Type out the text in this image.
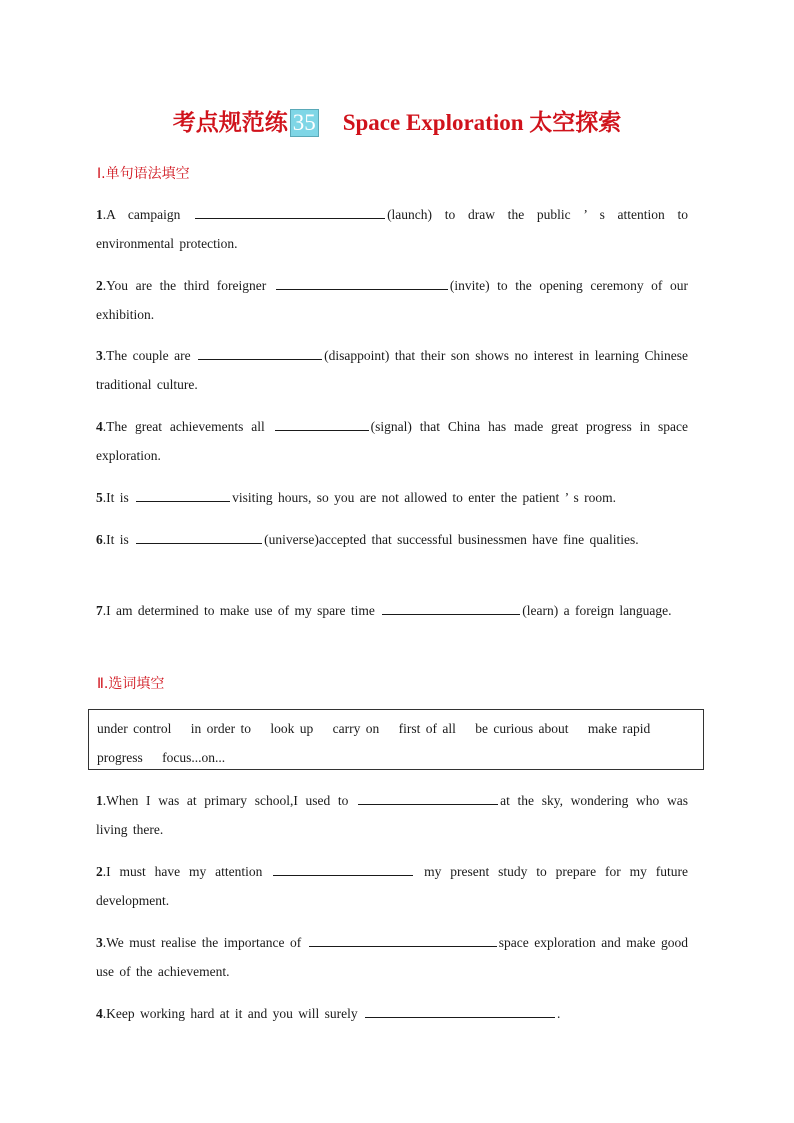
考点规范练 35 Space Exploration 太空探索
Ⅰ.单句语法填空
1.A campaign	(launch) to draw the public ’ s attention to environmental protection.
2.You are the third foreigner	(invite) to the opening ceremony of our exhibition.
3.The couple are	(disappoint) that their son shows no interest in learning Chinese traditional culture.
4.The great achievements all	(signal) that China has made great progress in space exploration.
5.It is	visiting hours, so you are not allowed to enter the patient ’ s room.
6.It is	(universe)accepted that successful businessmen have fine qualities.
7.I am determined to make use of my spare time	(learn) a foreign language.
Ⅱ.选词填空
under control in order to look up carry on first of all be curious about make rapid progress focus...on...
1.When I was at primary school,I used to	at the sky, wondering who was living there.
2.I must have my attention	my present study to prepare for my future development.
3.We must realise the importance of	space exploration and make good use of the achievement.
4.Keep working hard at it and you will surely	.
